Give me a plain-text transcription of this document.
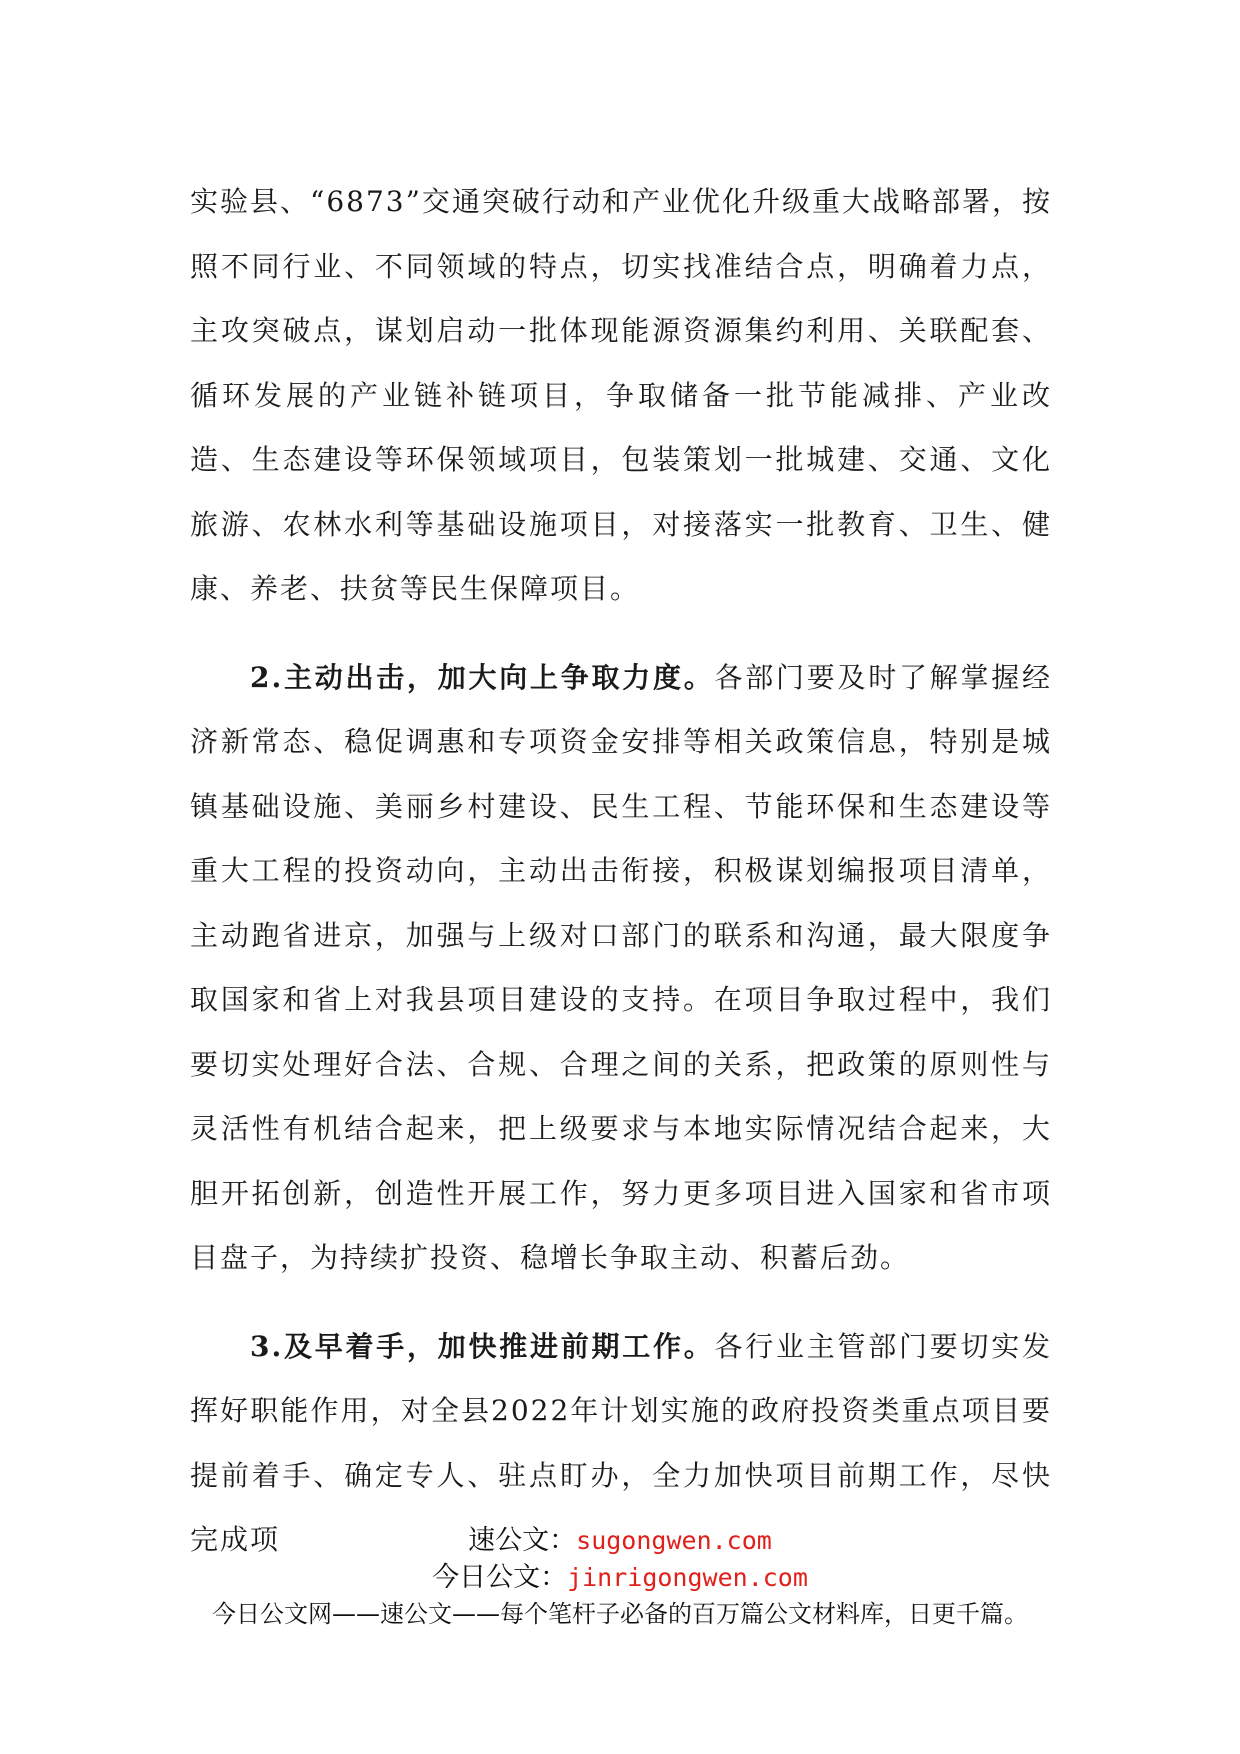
实验县、“6873”交通突破行动和产业优化升级重大战略部署，按照不同行业、不同领域的特点，切实找准结合点，明确着力点，主攻突破点，谋划启动一批体现能源资源集约利用、关联配套、循环发展的产业链补链项目，争取储备一批节能减排、产业改造、生态建设等环保领域项目，包装策划一批城建、交通、文化旅游、农林水利等基础设施项目，对接落实一批教育、卫生、健康、养老、扶贫等民生保障项目。

2.主动出击，加大向上争取力度。各部门要及时了解掌握经济新常态、稳促调惠和专项资金安排等相关政策信息，特别是城镇基础设施、美丽乡村建设、民生工程、节能环保和生态建设等重大工程的投资动向，主动出击衔接，积极谋划编报项目清单，主动跑省进京，加强与上级对口部门的联系和沟通，最大限度争取国家和省上对我县项目建设的支持。在项目争取过程中，我们要切实处理好合法、合规、合理之间的关系，把政策的原则性与灵活性有机结合起来，把上级要求与本地实际情况结合起来，大胆开拓创新，创造性开展工作，努力更多项目进入国家和省市项目盘子，为持续扩投资、稳增长争取主动、积蓄后劲。

3.及早着手，加快推进前期工作。各行业主管部门要切实发挥好职能作用，对全县2022年计划实施的政府投资类重点项目要提前着手、确定专人、驻点盯办，全力加快项目前期工作，尽快完成项	速公文：sugongwen.com
今日公文：jinrigongwen.com
今日公文网——速公文——每个笔杆子必备的百万篇公文材料库，日更千篇。
